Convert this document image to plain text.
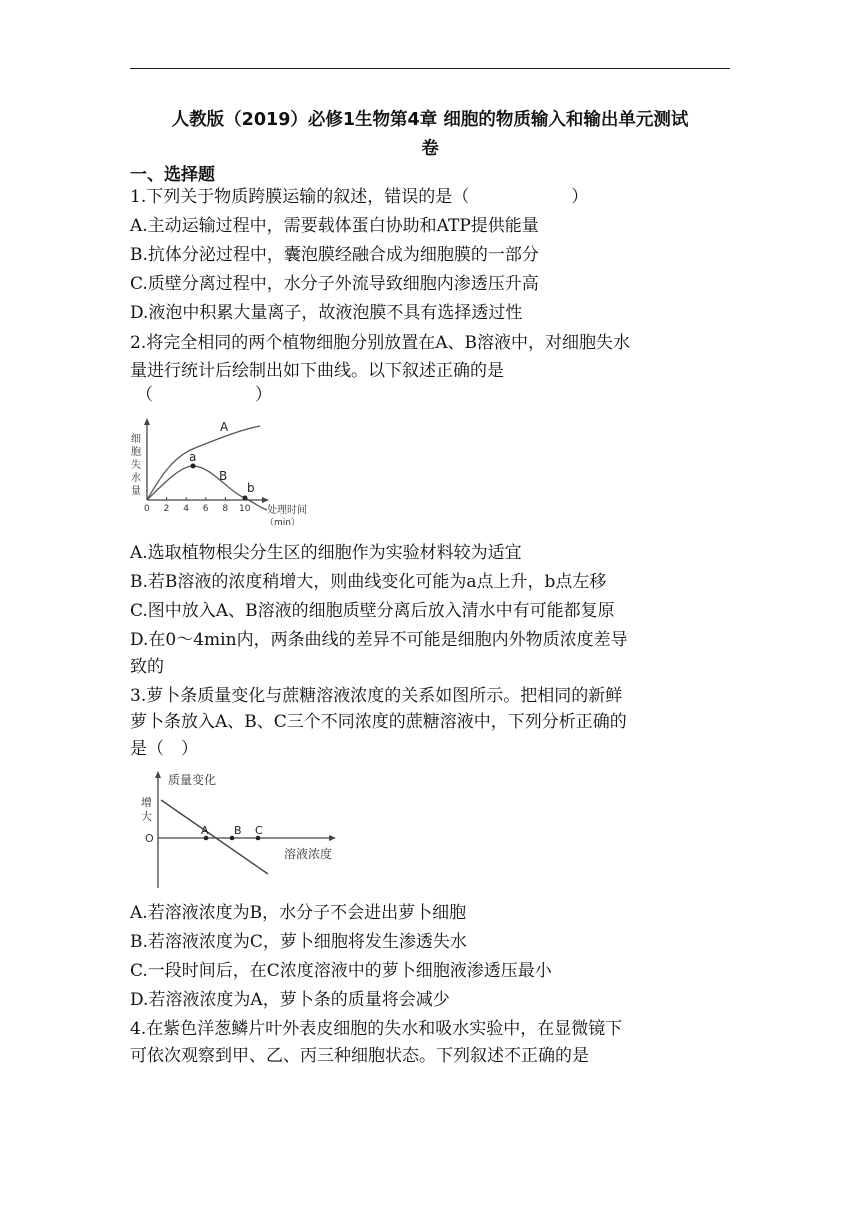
人教版（2019）必修1生物第4章 细胞的物质输入和输出单元测试
卷
一、选择题
1.下列关于物质跨膜运输的叙述，错误的是（　　　　　　）
A.主动运输过程中，需要载体蛋白协助和ATP提供能量
B.抗体分泌过程中，囊泡膜经融合成为细胞膜的一部分
C.质壁分离过程中，水分子外流导致细胞内渗透压升高
D.液泡中积累大量离子，故液泡膜不具有选择透过性
2.将完全相同的两个植物细胞分别放置在A、B溶液中，对细胞失水
量进行统计后绘制出如下曲线。以下叙述正确的是
（　　　　　　）
细
胞
失
水
量
A
B
a
b
0 2 4 6 8 10 处理时间
（min）
A.选取植物根尖分生区的细胞作为实验材料较为适宜
B.若B溶液的浓度稍增大，则曲线变化可能为a点上升，b点左移
C.图中放入A、B溶液的细胞质壁分离后放入清水中有可能都复原
D.在0～4min内，两条曲线的差异不可能是细胞内外物质浓度差导
致的
3.萝卜条质量变化与蔗糖溶液浓度的关系如图所示。把相同的新鲜
萝卜条放入A、B、C三个不同浓度的蔗糖溶液中，下列分析正确的
是（　）
质量变化
增
大
O
A B C
溶液浓度
A.若溶液浓度为B，水分子不会进出萝卜细胞
B.若溶液浓度为C，萝卜细胞将发生渗透失水
C.一段时间后，在C浓度溶液中的萝卜细胞液渗透压最小
D.若溶液浓度为A，萝卜条的质量将会减少
4.在紫色洋葱鳞片叶外表皮细胞的失水和吸水实验中，在显微镜下
可依次观察到甲、乙、丙三种细胞状态。下列叙述不正确的是
